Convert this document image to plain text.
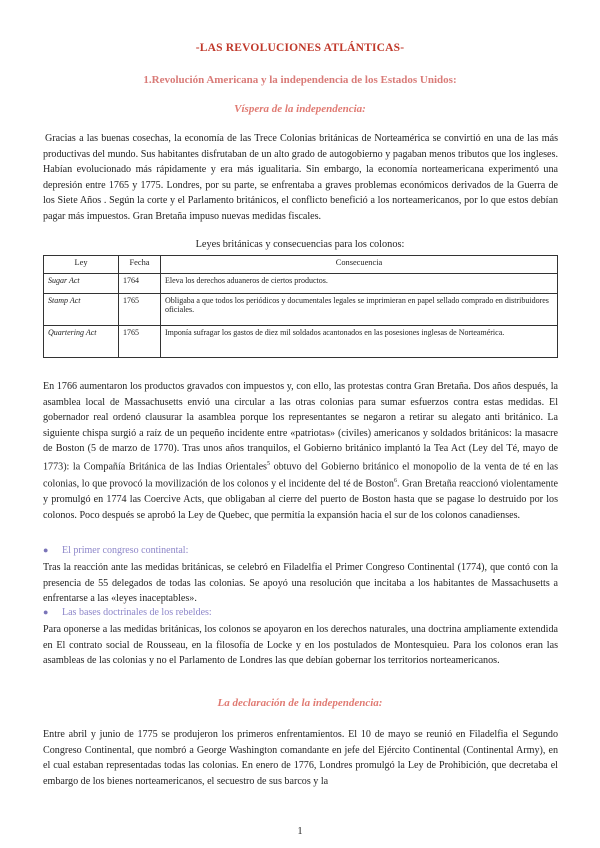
-LAS REVOLUCIONES ATLÁNTICAS-
1.Revolución Americana y la independencia de los Estados Unidos:
Víspera de la independencia:

Gracias a las buenas cosechas, la economía de las Trece Colonias británicas de Norteamérica se convirtió en una de las más productivas del mundo. Sus habitantes disfrutaban de un alto grado de autogobierno y pagaban menos tributos que los ingleses. Habían evolucionado más rápidamente y era más igualitaria. Sin embargo, la economía norteamericana experimentó una depresión entre 1765 y 1775. Londres, por su parte, se enfrentaba a graves problemas económicos derivados de la Guerra de los Siete Años . Según la corte y el Parlamento británicos, el conflicto benefició a los norteamericanos, por lo que estos debían pagar más impuestos. Gran Bretaña impuso nuevas medidas fiscales.

Leyes británicas y consecuencias para los colonos:
Ley	Fecha	Consecuencia
Sugar Act	1764	Eleva los derechos aduaneros de ciertos productos.
Stamp Act	1765	Obligaba a que todos los periódicos y documentales legales se imprimieran en papel sellado comprado en distribuidores oficiales.
Quartering Act	1765	Imponía sufragar los gastos de diez mil soldados acantonados en las posesiones inglesas de Norteamérica.

En 1766 aumentaron los productos gravados con impuestos y, con ello, las protestas contra Gran Bretaña. Dos años después, la asamblea local de Massachusetts envió una circular a las otras colonias para sumar esfuerzos contra estas medidas. El gobernador real ordenó clausurar la asamblea porque los representantes se negaron a retirar su alegato anti británico. La siguiente chispa surgió a raíz de un pequeño incidente entre «patriotas» (civiles) americanos y soldados británicos: la masacre de Boston (5 de marzo de 1770). Tras unos años tranquilos, el Gobierno británico implantó la Tea Act (Ley del Té, mayo de 1773): la Compañía Británica de las Indias Orientales$^5$ obtuvo del Gobierno británico el monopolio de la venta de té en las colonias, lo que provocó la movilización de los colonos y el incidente del té de Boston$^6$. Gran Bretaña reaccionó violentamente y promulgó en 1774 las Coercive Acts, que obligaban al cierre del puerto de Boston hasta que se pagase lo destruido por los colonos. Poco después se aprobó la Ley de Quebec, que permitía la expansión hacia el sur de los colonos canadienses.

● El primer congreso continental:

Tras la reacción ante las medidas británicas, se celebró en Filadelfia el Primer Congreso Continental (1774), que contó con la presencia de 55 delegados de todas las colonias. Se apoyó una resolución que incitaba a los habitantes de Massachusetts a enfrentarse a las «leyes inaceptables».

● Las bases doctrinales de los rebeldes:

Para oponerse a las medidas británicas, los colonos se apoyaron en los derechos naturales, una doctrina ampliamente extendida en El contrato social de Rousseau, en la filosofía de Locke y en los postulados de Montesquieu. Para los colonos eran las asambleas de las colonias y no el Parlamento de Londres las que debían gobernar los territorios norteamericanos.

La declaración de la independencia:

Entre abril y junio de 1775 se produjeron los primeros enfrentamientos. El 10 de mayo se reunió en Filadelfia el Segundo Congreso Continental, que nombró a George Washington comandante en jefe del Ejército Continental (Continental Army), en el cual estaban representadas todas las colonias. En enero de 1776, Londres promulgó la Ley de Prohibición, que decretaba el embargo de los bienes norteamericanos, el secuestro de sus barcos y la

1
